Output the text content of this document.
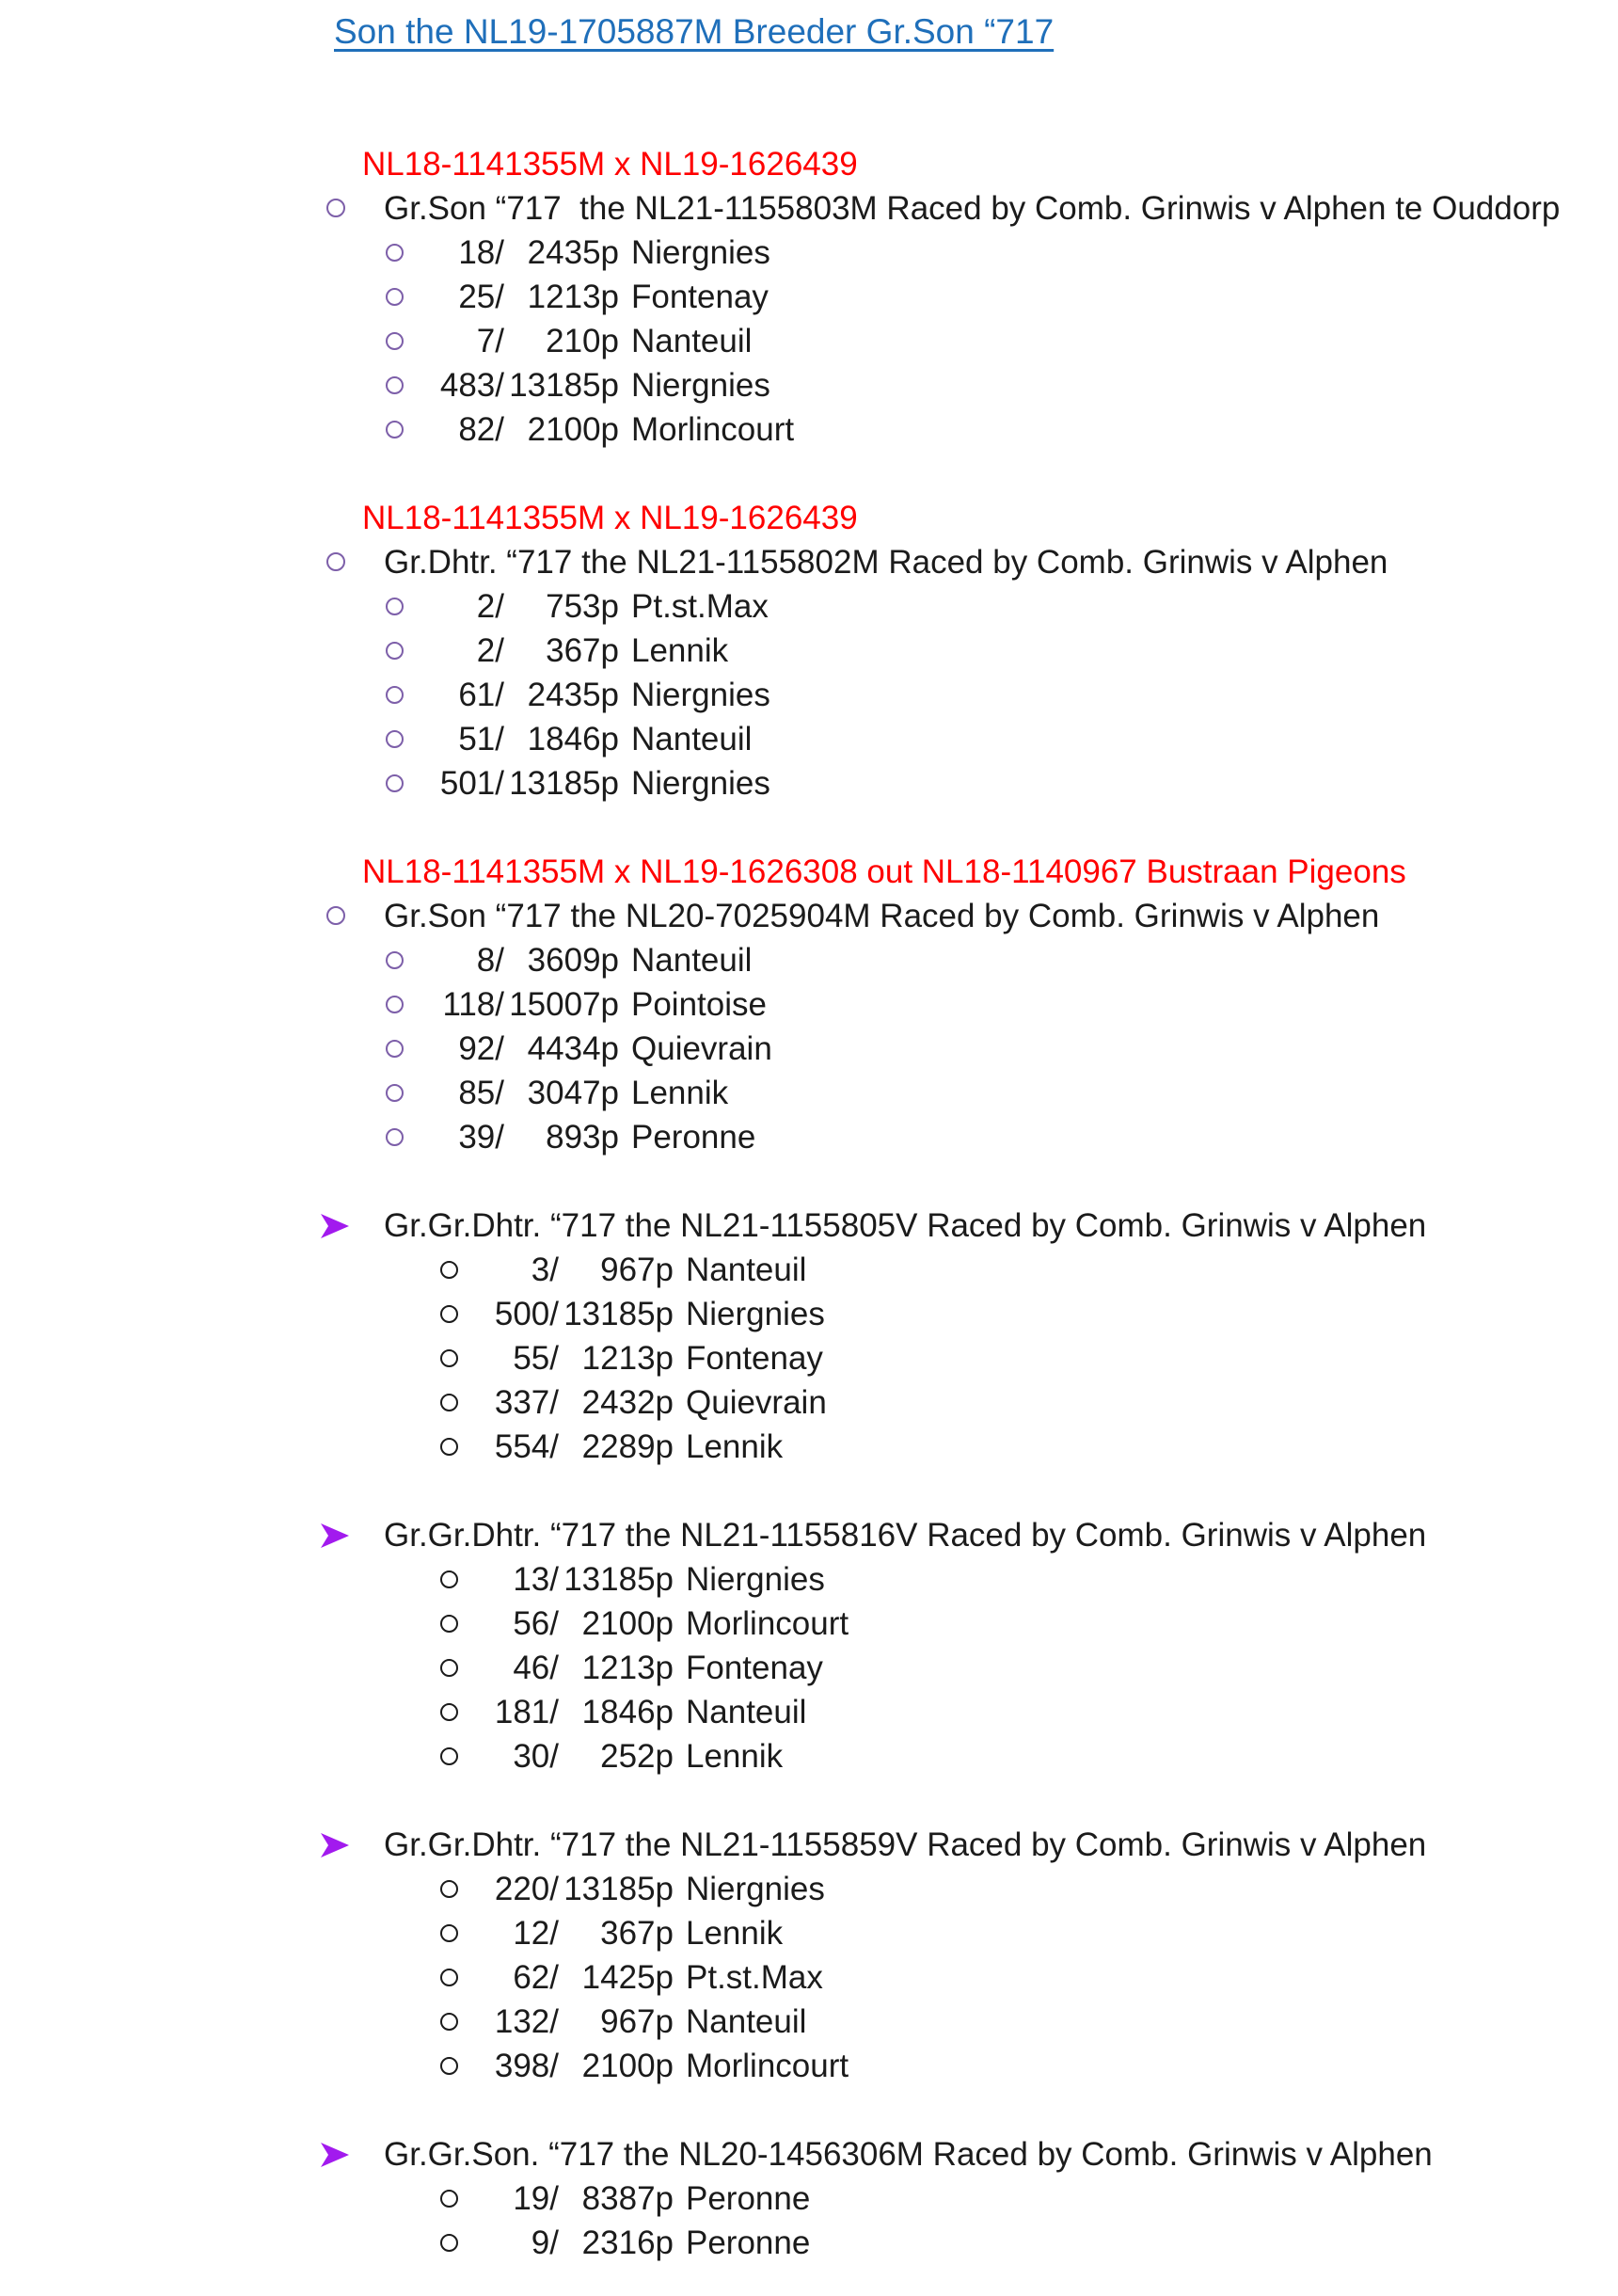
Son the NL19-1705887M Breeder Gr.Son “717
NL18-1141355M x NL19-1626439
Gr.Son “717  the NL21-1155803M Raced by Comb. Grinwis v Alphen te Ouddorp
18/ 2435p Niergnies
25/ 1213p Fontenay
7/ 210p Nanteuil
483/ 13185p Niergnies
82/ 2100p Morlincourt
NL18-1141355M x NL19-1626439
Gr.Dhtr. “717 the NL21-1155802M Raced by Comb. Grinwis v Alphen
2/ 753p Pt.st.Max
2/ 367p Lennik
61/ 2435p Niergnies
51/ 1846p Nanteuil
501/ 13185p Niergnies
NL18-1141355M x NL19-1626308 out NL18-1140967 Bustraan Pigeons
Gr.Son “717 the NL20-7025904M Raced by Comb. Grinwis v Alphen
8/ 3609p Nanteuil
118/ 15007p Pointoise
92/ 4434p Quievrain
85/ 3047p Lennik
39/ 893p Peronne
Gr.Gr.Dhtr. “717 the NL21-1155805V Raced by Comb. Grinwis v Alphen
3/ 967p Nanteuil
500/ 13185p Niergnies
55/ 1213p Fontenay
337/ 2432p Quievrain
554/ 2289p Lennik
Gr.Gr.Dhtr. “717 the NL21-1155816V Raced by Comb. Grinwis v Alphen
13/ 13185p Niergnies
56/ 2100p Morlincourt
46/ 1213p Fontenay
181/ 1846p Nanteuil
30/ 252p Lennik
Gr.Gr.Dhtr. “717 the NL21-1155859V Raced by Comb. Grinwis v Alphen
220/ 13185p Niergnies
12/ 367p Lennik
62/ 1425p Pt.st.Max
132/ 967p Nanteuil
398/ 2100p Morlincourt
Gr.Gr.Son. “717 the NL20-1456306M Raced by Comb. Grinwis v Alphen
19/ 8387p Peronne
9/ 2316p Peronne
